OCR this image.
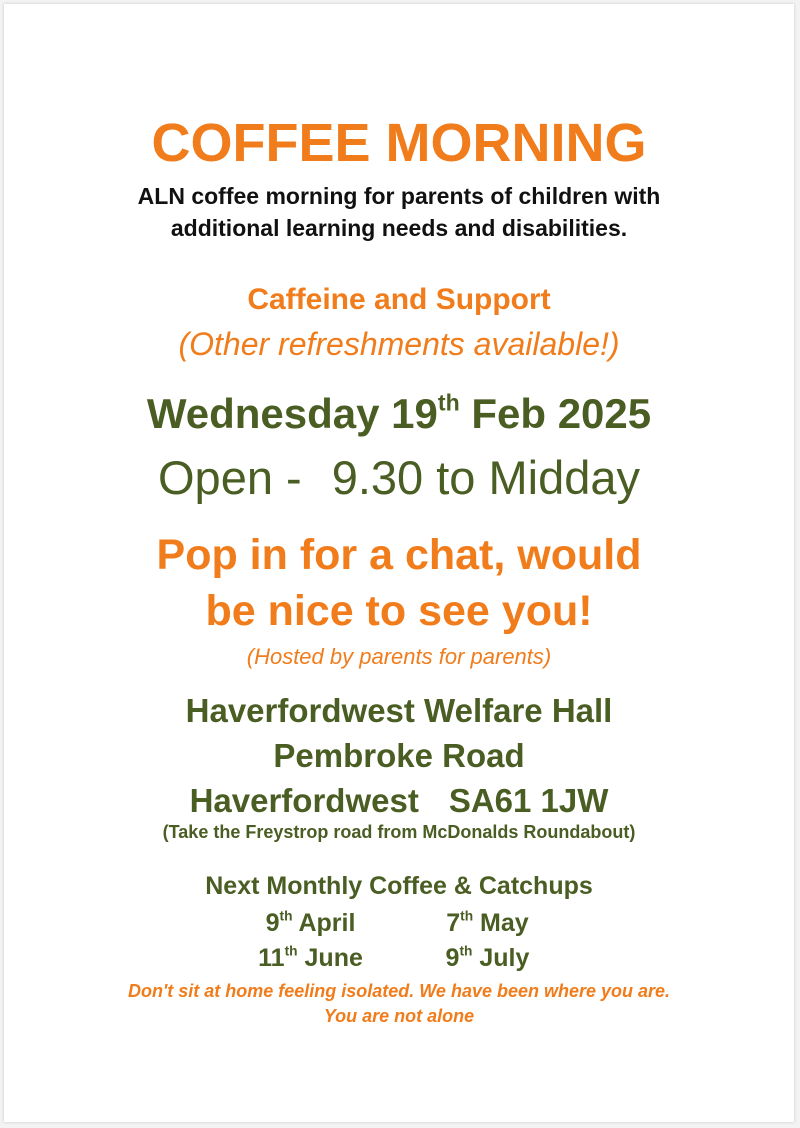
COFFEE MORNING
ALN coffee morning for parents of children with
additional learning needs and disabilities.
Caffeine and Support
(Other refreshments available!)
Wednesday 19th Feb 2025
Open - 9.30 to Midday
Pop in for a chat, would
be nice to see you!
(Hosted by parents for parents)
Haverfordwest Welfare Hall
Pembroke Road
Haverfordwest SA61 1JW
(Take the Freystrop road from McDonalds Roundabout)
Next Monthly Coffee & Catchups
9th April	7th May
11th June	9th July
Don't sit at home feeling isolated. We have been where you are.
You are not alone
